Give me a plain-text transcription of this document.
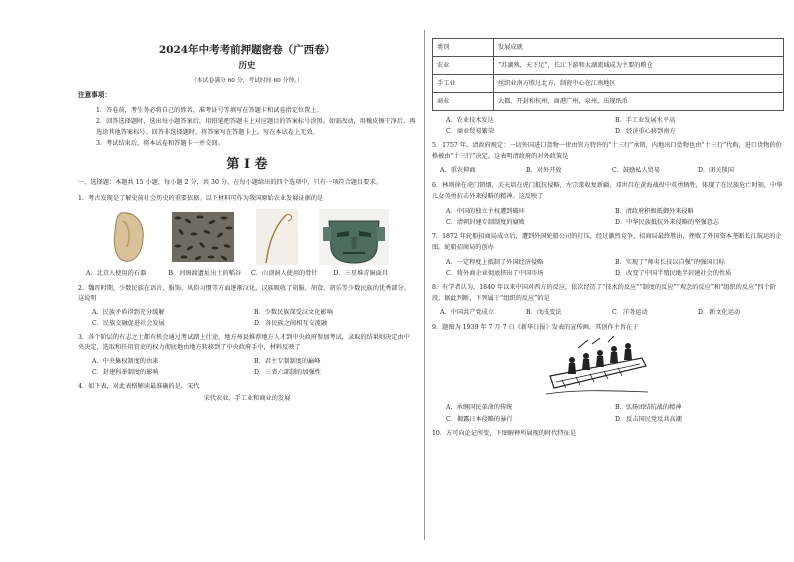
2024年中考考前押题密卷（广西卷）
历史
（本试卷满分 60 分，考试时间 60 分钟。）
注意事项：
1．答卷前，考生务必将自己的姓名、准考证号等填写在答题卡和试卷指定位置上。
2．回答选择题时，选出每小题答案后，用铅笔把答题卡上对应题目的答案标号涂黑。如需改动，用橡皮擦干净后，再选涂其他答案标号。回答非选择题时，将答案写在答题卡上。写在本试卷上无效。
3．考试结束后，将本试卷和答题卡一并交回。
第 I 卷
一、选择题：本题共 15 小题，每小题 2 分，共 30 分。在每小题给出的四个选项中，只有一项符合题目要求。
1．考古发现是了解史前社会历史的重要依据。以下材料可作为我国原始农业发展证据的是
A．北京人使用的石器	B．河姆渡遗址出土的稻谷	C．山顶洞人使用的骨针	D．三星堆青铜面具
2．魏晋时期，少数民族在语言、服饰、风俗习惯等方面逐渐汉化，汉族吸收了胡服、胡食、胡乐等少数民族的优秀部分。这说明
A．民族矛盾得到充分缓解	B．少数民族深受汉文化影响
C．民族交融促进社会发展	D．各民族之间相互交流融
3．各个阶层的有志之士都有机会通过考试踏上仕途，地方州县推荐地方人才到中央政府参加考试，录取的结果则决定由中央决定，选取和任用官吏的权力彻底地由地方转移到了中央政府手中，材料反映了
A．中央集权制度的由来	B．君主专制制度的巅峰
C．封建科举制度的影响	D．三省六部制的加强性
4．如下表，对此表格解读最准确的是，宋代
宋代农业、手工业和商业的发展
类别	发展成就
农业	“苏湖熟，天下足”，长江下游和太湖流域成为主要的粮仓
手工业	丝织业南方胜过北方，制瓷中心在江南地区
商业	大都、开封和杭州，商港广州，泉州，出现纸币
A．农业技术发达	B．手工业发展水平高
C．商业贸易繁荣	D．经济重心移到南方
5．1757 年，清政府规定：一切外国进口货物一律由官方特许的“十三行”承销，内地出口货物也由“十三行”代购，进口货物的价格被由“十三行”决定。这表明清政府的对外政策是
A．重农抑商	B．对外开放	C．鼓励私人贸易	D．闭关锁国
6．林则徐在虎门销烟，关天培在虎门抵抗侵略，左宗棠收复新疆，邓世昌在黄海战役中英勇牺牲，体现了在民族危亡时刻，中华儿女英勇抗击外来侵略的精神。这反映了
A．中国的独立主权遭到破坏	B．清政府积极抵御外来侵略
C．清朝封建专制制度的腐败	D．中华民族抵抗外来侵略的坚强意志
7．1872 年轮船招商局成立后，遭到外国轮船公司的打压，经过激烈竞争，招商局最终胜出，挫败了外国资本垄断长江航运的企图。轮船招商局的创办
A．一定程度上抵制了外国经济侵略	B．实现了“师夷长技以自强”的强国目标
C．将外商企业彻底挤出了中国市场	D．改变了中国半殖民地半封建社会的性质
8．有学者认为，1840 年以来中国对西方的反应，依次经历了“技术的反应”“制度的反应”“观念的反应”和“组织的反应”四个阶段，据此判断，下列属于“组织的反应”的是
A．中国共产党成立	B．戊戌变法	C．洋务运动	D．新文化运动
9．题图为 1939 年 7 月 7 日《新华日报》发表的宣传画。其创作主旨在于
A．承继国民革命的传统	B．弘扬团结抗战的精神
C．揭露日本侵略的暴行	D．反击国民党反共高潮
10．方可向论记所变，下图解释所展现的时代特征是
